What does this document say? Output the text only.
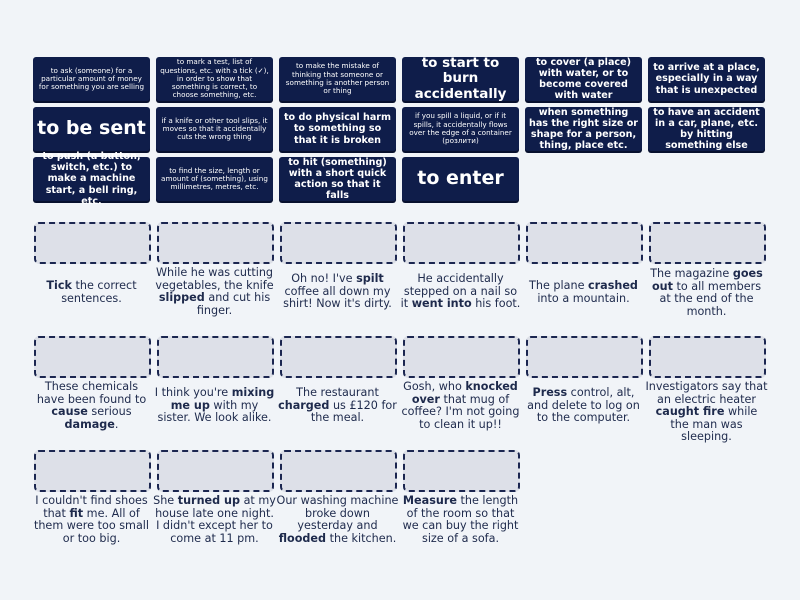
to ask (someone) for a particular amount of money for something you are selling
to mark a test, list of questions, etc. with a tick (✓), in order to show that something is correct, to choose something, etc.
to make the mistake of thinking that someone or something is another person or thing
to start to burn accidentally
to cover (a place) with water, or to become covered with water
to arrive at a place, especially in a way that is unexpected
to be sent if a knife or other tool slips, it moves so that it accidentally cuts the wrong thing
to do physical harm to something so that it is broken
if you spill a liquid, or if it spills, it accidentally flows over the edge of a container (розлити)
when something has the right size or shape for a person, thing, place etc.
to have an accident in a car, plane, etc. by hitting something else
to push (a button, switch, etc.) to make a machine start, a bell ring, etc.
to find the size, length or amount of (something), using millimetres, metres, etc.
to hit (something) with a short quick action so that it falls
to enter
Tick the correct sentences.
While he was cutting vegetables, the knife slipped and cut his finger.
Oh no! I've spilt coffee all down my shirt! Now it's dirty.
He accidentally stepped on a nail so it went into his foot.
The plane crashed into a mountain.
The magazine goes out to all members at the end of the month.
These chemicals have been found to cause serious damage.
I think you're mixing me up with my sister. We look alike.
The restaurant charged us £120 for the meal.
Gosh, who knocked over that mug of coffee? I'm not going to clean it up!!
Press control, alt, and delete to log on to the computer.
Investigators say that an electric heater caught fire while the man was sleeping.
I couldn't find shoes that fit me. All of them were too small or too big.
She turned up at my house late one night. I didn't except her to come at 11 pm.
Our washing machine broke down yesterday and flooded the kitchen.
Measure the length of the room so that we can buy the right size of a sofa.
